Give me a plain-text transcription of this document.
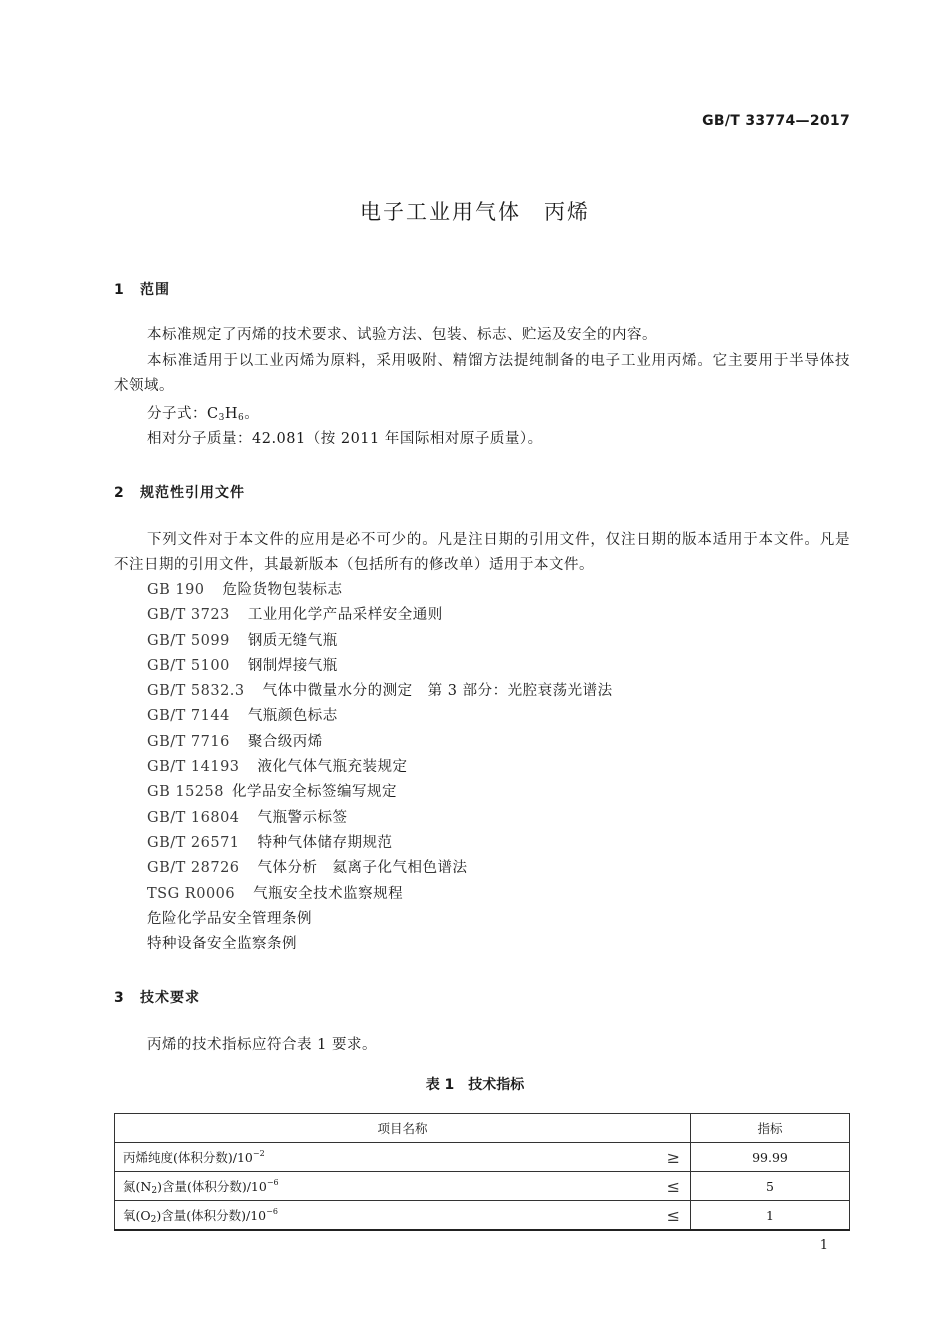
GB/T 33774—2017
电子工业用气体　丙烯
1 范围
本标准规定了丙烯的技术要求、试验方法、包装、标志、贮运及安全的内容。
本标准适用于以工业丙烯为原料，采用吸附、精馏方法提纯制备的电子工业用丙烯。它主要用于半导体技术领域。
分子式：$C_3H_6$。
相对分子质量：42.081（按 2011 年国际相对原子质量）。
2 规范性引用文件
下列文件对于本文件的应用是必不可少的。凡是注日期的引用文件，仅注日期的版本适用于本文件。凡是不注日期的引用文件，其最新版本（包括所有的修改单）适用于本文件。
GB 190 危险货物包装标志
GB/T 3723 工业用化学产品采样安全通则
GB/T 5099 钢质无缝气瓶
GB/T 5100 钢制焊接气瓶
GB/T 5832.3 气体中微量水分的测定　第 3 部分：光腔衰荡光谱法
GB/T 7144 气瓶颜色标志
GB/T 7716 聚合级丙烯
GB/T 14193 液化气体气瓶充装规定
GB 15258 化学品安全标签编写规定
GB/T 16804 气瓶警示标签
GB/T 26571 特种气体储存期规范
GB/T 28726 气体分析　氦离子化气相色谱法
TSG R0006 气瓶安全技术监察规程
危险化学品安全管理条例
特种设备安全监察条例
3 技术要求
丙烯的技术指标应符合表 1 要求。
表 1　技术指标
项目名称	指标

丙烯纯度(体积分数)$/10^{-2}$ ≥	99.99

氮$(N_2)$含量(体积分数)$/10^{-6}$ ≤	5

氧$(O_2)$含量(体积分数)$/10^{-6}$ ≤	1
1
